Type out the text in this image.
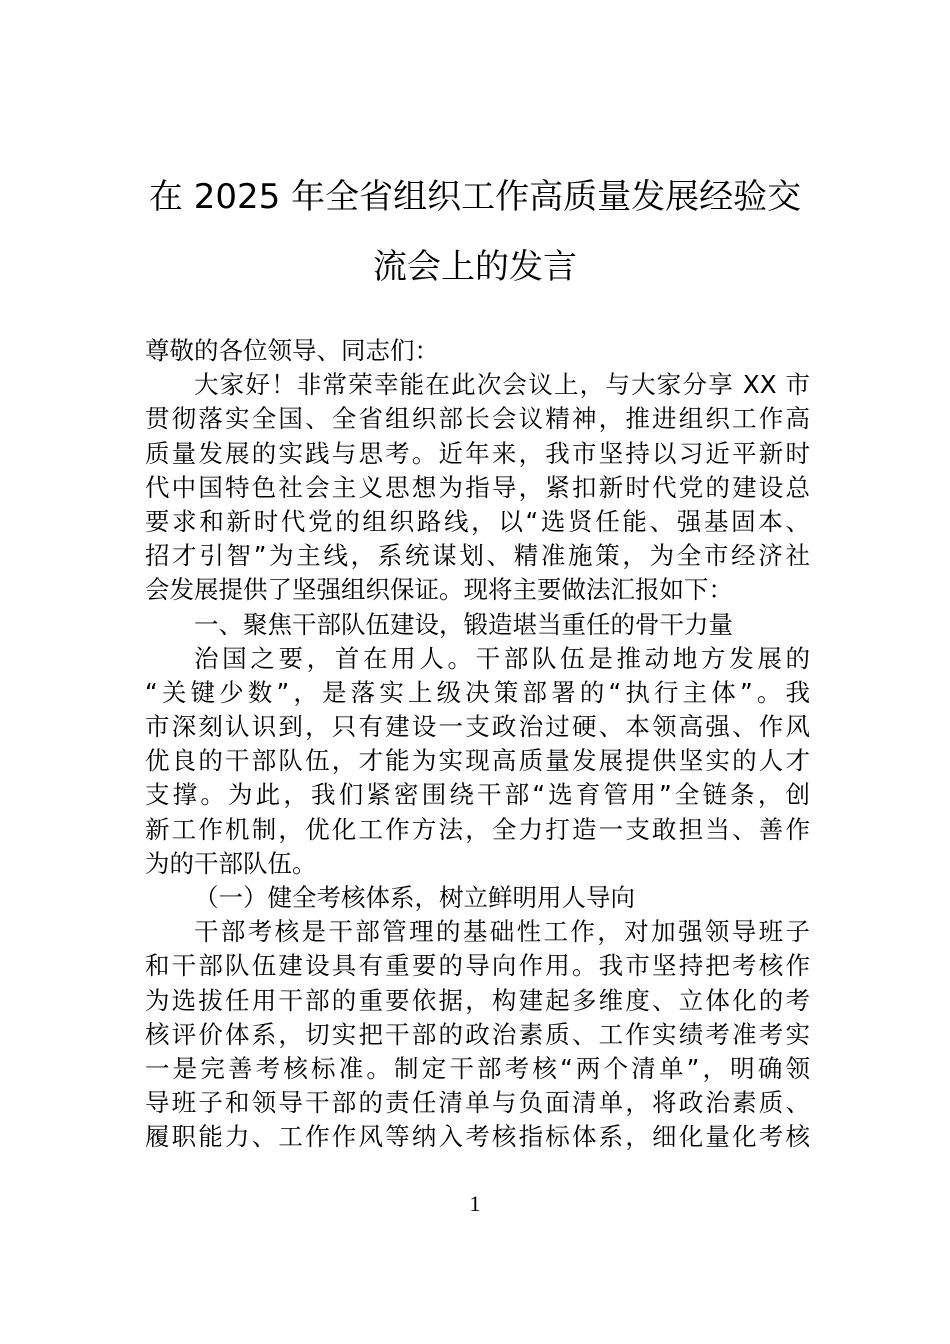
在 2025 年全省组织工作高质量发展经验交
流会上的发言
尊敬的各位领导、同志们：
大家好！非常荣幸能在此次会议上，与大家分享 XX 市
贯彻落实全国、全省组织部长会议精神，推进组织工作高
质量发展的实践与思考。近年来，我市坚持以习近平新时
代中国特色社会主义思想为指导，紧扣新时代党的建设总
要求和新时代党的组织路线，以“选贤任能、强基固本、
招才引智”为主线，系统谋划、精准施策，为全市经济社
会发展提供了坚强组织保证。现将主要做法汇报如下：
一、聚焦干部队伍建设，锻造堪当重任的骨干力量
治国之要，首在用人。干部队伍是推动地方发展的
“关键少数”，是落实上级决策部署的“执行主体”。我
市深刻认识到，只有建设一支政治过硬、本领高强、作风
优良的干部队伍，才能为实现高质量发展提供坚实的人才
支撑。为此，我们紧密围绕干部“选育管用”全链条，创
新工作机制，优化工作方法，全力打造一支敢担当、善作
为的干部队伍。
（一）健全考核体系，树立鲜明用人导向
干部考核是干部管理的基础性工作，对加强领导班子
和干部队伍建设具有重要的导向作用。我市坚持把考核作
为选拔任用干部的重要依据，构建起多维度、立体化的考
核评价体系，切实把干部的政治素质、工作实绩考准考实
一是完善考核标准。制定干部考核“两个清单”，明确领
导班子和领导干部的责任清单与负面清单，将政治素质、
履职能力、工作作风等纳入考核指标体系，细化量化考核
1
